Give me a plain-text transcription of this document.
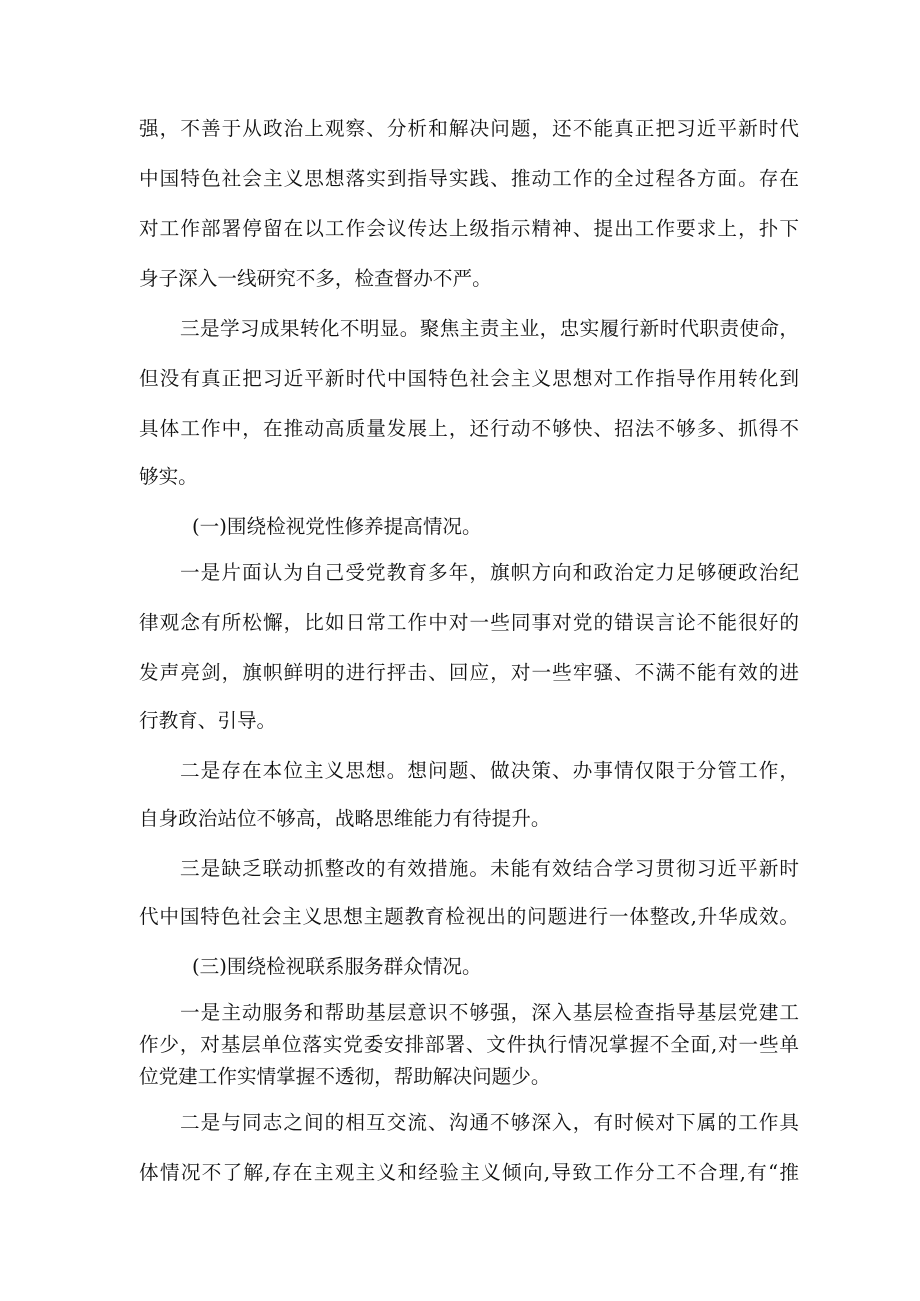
强，不善于从政治上观察、分析和解决问题，还不能真正把习近平新时代
中国特色社会主义思想落实到指导实践、推动工作的全过程各方面。存在
对工作部署停留在以工作会议传达上级指示精神、提出工作要求上，扑下
身子深入一线研究不多，检查督办不严。
三是学习成果转化不明显。聚焦主责主业，忠实履行新时代职责使命，
但没有真正把习近平新时代中国特色社会主义思想对工作指导作用转化到
具体工作中，在推动高质量发展上，还行动不够快、招法不够多、抓得不
够实。
(一)围绕检视党性修养提高情况。
一是片面认为自己受党教育多年，旗帜方向和政治定力足够硬政治纪
律观念有所松懈，比如日常工作中对一些同事对党的错误言论不能很好的
发声亮剑，旗帜鲜明的进行抨击、回应，对一些牢骚、不满不能有效的进
行教育、引导。
二是存在本位主义思想。想问题、做决策、办事情仅限于分管工作，
自身政治站位不够高，战略思维能力有待提升。
三是缺乏联动抓整改的有效措施。未能有效结合学习贯彻习近平新时
代中国特色社会主义思想主题教育检视出的问题进行一体整改,升华成效。
(三)围绕检视联系服务群众情况。
一是主动服务和帮助基层意识不够强，深入基层检查指导基层党建工
作少，对基层单位落实党委安排部署、文件执行情况掌握不全面,对一些单
位党建工作实情掌握不透彻，帮助解决问题少。
二是与同志之间的相互交流、沟通不够深入，有时候对下属的工作具
体情况不了解,存在主观主义和经验主义倾向,导致工作分工不合理,有“推
